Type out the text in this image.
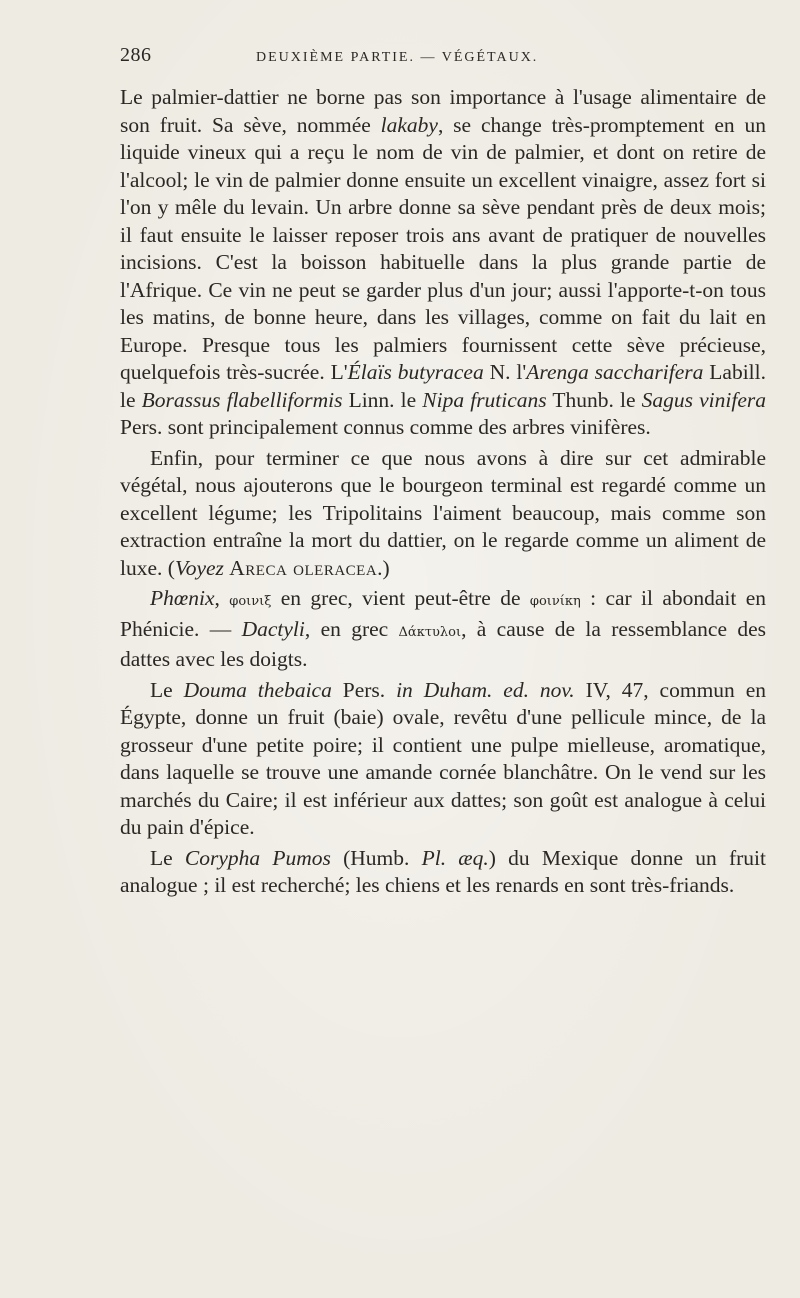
286	DEUXIÈME PARTIE. — VÉGÉTAUX.

Le palmier-dattier ne borne pas son importance à l'usage alimentaire de son fruit. Sa sève, nommée lakaby, se change très-promptement en un liquide vineux qui a reçu le nom de vin de palmier, et dont on retire de l'alcool; le vin de palmier donne ensuite un excellent vinaigre, assez fort si l'on y mêle du levain. Un arbre donne sa sève pendant près de deux mois; il faut ensuite le laisser reposer trois ans avant de pratiquer de nouvelles incisions. C'est la boisson habituelle dans la plus grande partie de l'Afrique. Ce vin ne peut se garder plus d'un jour; aussi l'apporte-t-on tous les matins, de bonne heure, dans les villages, comme on fait du lait en Europe. Presque tous les palmiers fournissent cette sève précieuse, quelquefois très-sucrée. L'Élaïs butyracea N. l'Arenga saccharifera Labill. le Borassus flabelliformis Linn. le Nipa fruticans Thunb. le Sagus vinifera Pers. sont principalement connus comme des arbres vinifères.

Enfin, pour terminer ce que nous avons à dire sur cet admirable végétal, nous ajouterons que le bourgeon terminal est regardé comme un excellent légume; les Tripolitains l'aiment beaucoup, mais comme son extraction entraîne la mort du dattier, on le regarde comme un aliment de luxe. (Voyez Areca oleracea.)

Phœnix, φοινιξ en grec, vient peut-être de φοινίκη : car il abondait en Phénicie. — Dactyli, en grec Δάκτυλοι, à cause de la ressemblance des dattes avec les doigts.

Le Douma thebaica Pers. in Duham. ed. nov. IV, 47, commun en Égypte, donne un fruit (baie) ovale, revêtu d'une pellicule mince, de la grosseur d'une petite poire; il contient une pulpe mielleuse, aromatique, dans laquelle se trouve une amande cornée blanchâtre. On le vend sur les marchés du Caire; il est inférieur aux dattes; son goût est analogue à celui du pain d'épice.

Le Corypha Pumos (Humb. Pl. æq.) du Mexique donne un fruit analogue ; il est recherché; les chiens et les renards en sont très-friands.
